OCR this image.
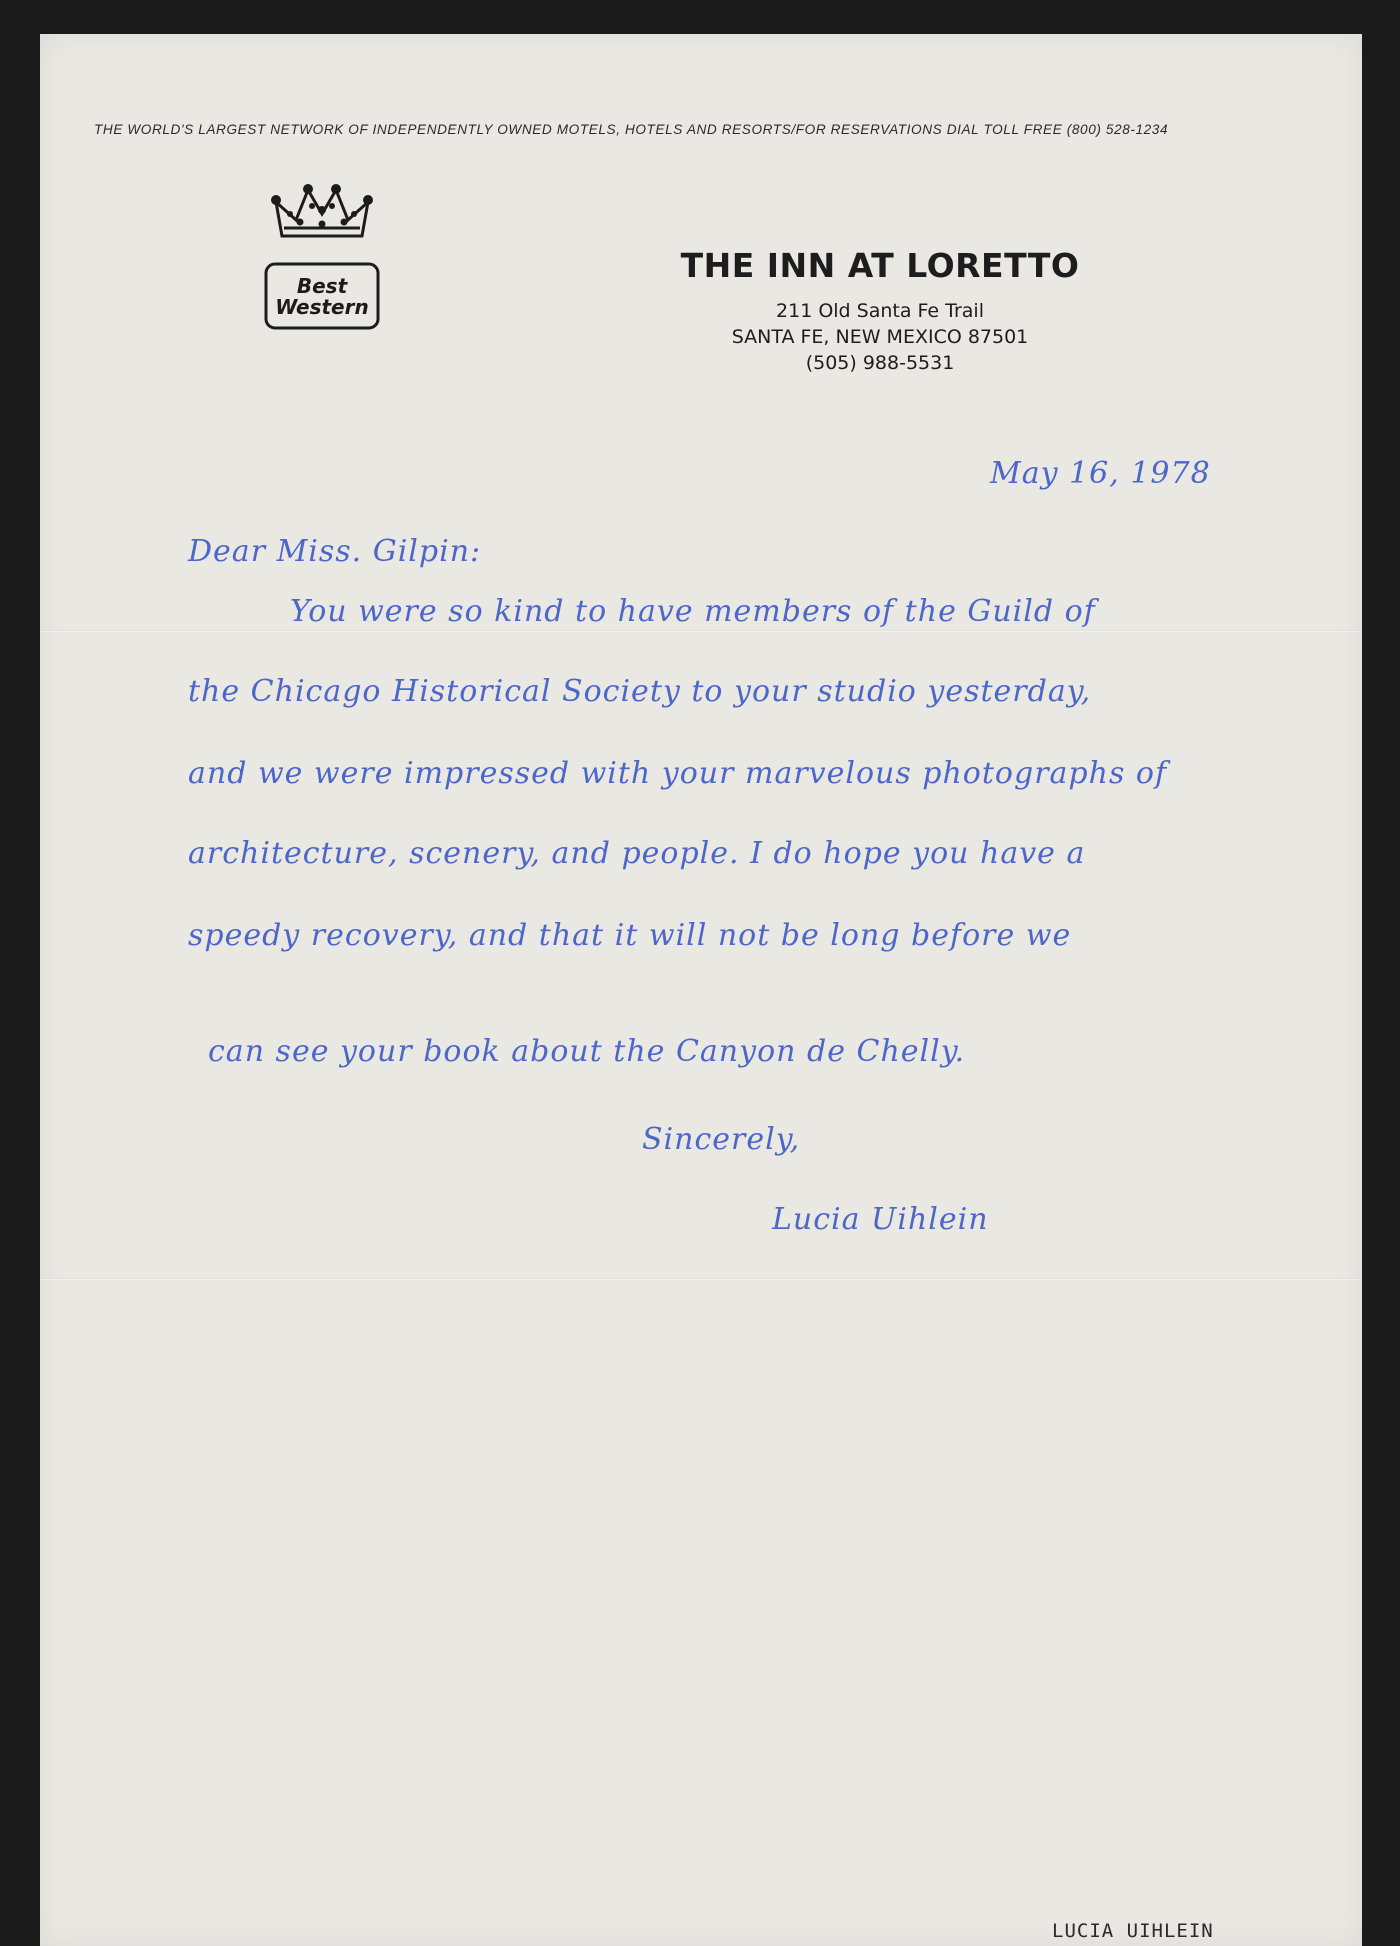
THE WORLD'S LARGEST NETWORK OF INDEPENDENTLY OWNED MOTELS, HOTELS AND RESORTS/FOR RESERVATIONS DIAL TOLL FREE (800) 528-1234
Best
Western
THE INN AT LORETTO
211 Old Santa Fe Trail
SANTA FE, NEW MEXICO 87501
(505) 988-5531
May 16, 1978
Dear Miss. Gilpin:
You were so kind to have members of the Guild of
the Chicago Historical Society to your studio yesterday,
and we were impressed with your marvelous photographs of
architecture, scenery, and people. I do hope you have a
speedy recovery, and that it will not be long before we
can see your book about the Canyon de Chelly.
Sincerely,
Lucia Uihlein
LUCIA UIHLEIN
